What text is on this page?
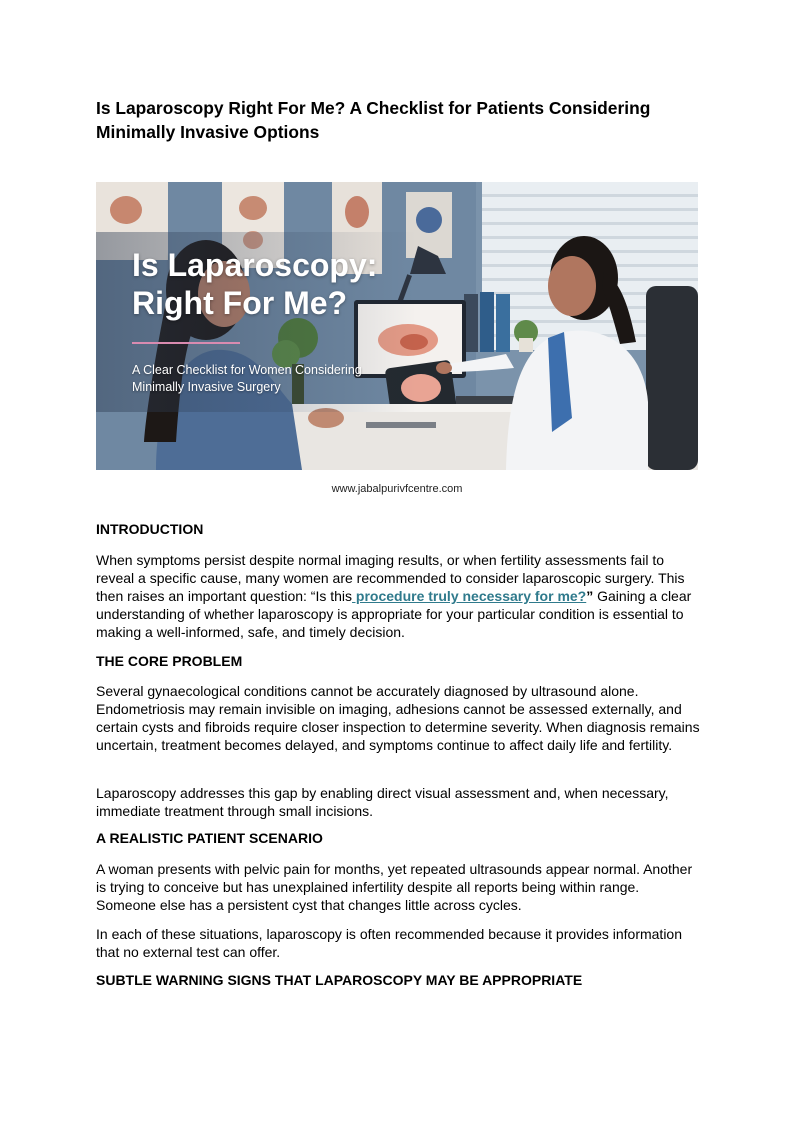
Is Laparoscopy Right For Me? A Checklist for Patients Considering Minimally Invasive Options
Is Laparoscopy:
Right For Me?
A Clear Checklist for Women Considering Minimally Invasive Surgery
www.jabalpurivfcentre.com
INTRODUCTION

When symptoms persist despite normal imaging results, or when fertility assessments fail to reveal a specific cause, many women are recommended to consider laparoscopic surgery. This then raises an important question: “Is this procedure truly necessary for me?” Gaining a clear understanding of whether laparoscopy is appropriate for your particular condition is essential to making a well-informed, safe, and timely decision.

THE CORE PROBLEM

Several gynaecological conditions cannot be accurately diagnosed by ultrasound alone. Endometriosis may remain invisible on imaging, adhesions cannot be assessed externally, and certain cysts and fibroids require closer inspection to determine severity. When diagnosis remains uncertain, treatment becomes delayed, and symptoms continue to affect daily life and fertility.

Laparoscopy addresses this gap by enabling direct visual assessment and, when necessary, immediate treatment through small incisions.

A REALISTIC PATIENT SCENARIO

A woman presents with pelvic pain for months, yet repeated ultrasounds appear normal. Another is trying to conceive but has unexplained infertility despite all reports being within range. Someone else has a persistent cyst that changes little across cycles.

In each of these situations, laparoscopy is often recommended because it provides information that no external test can offer.

SUBTLE WARNING SIGNS THAT LAPAROSCOPY MAY BE APPROPRIATE
